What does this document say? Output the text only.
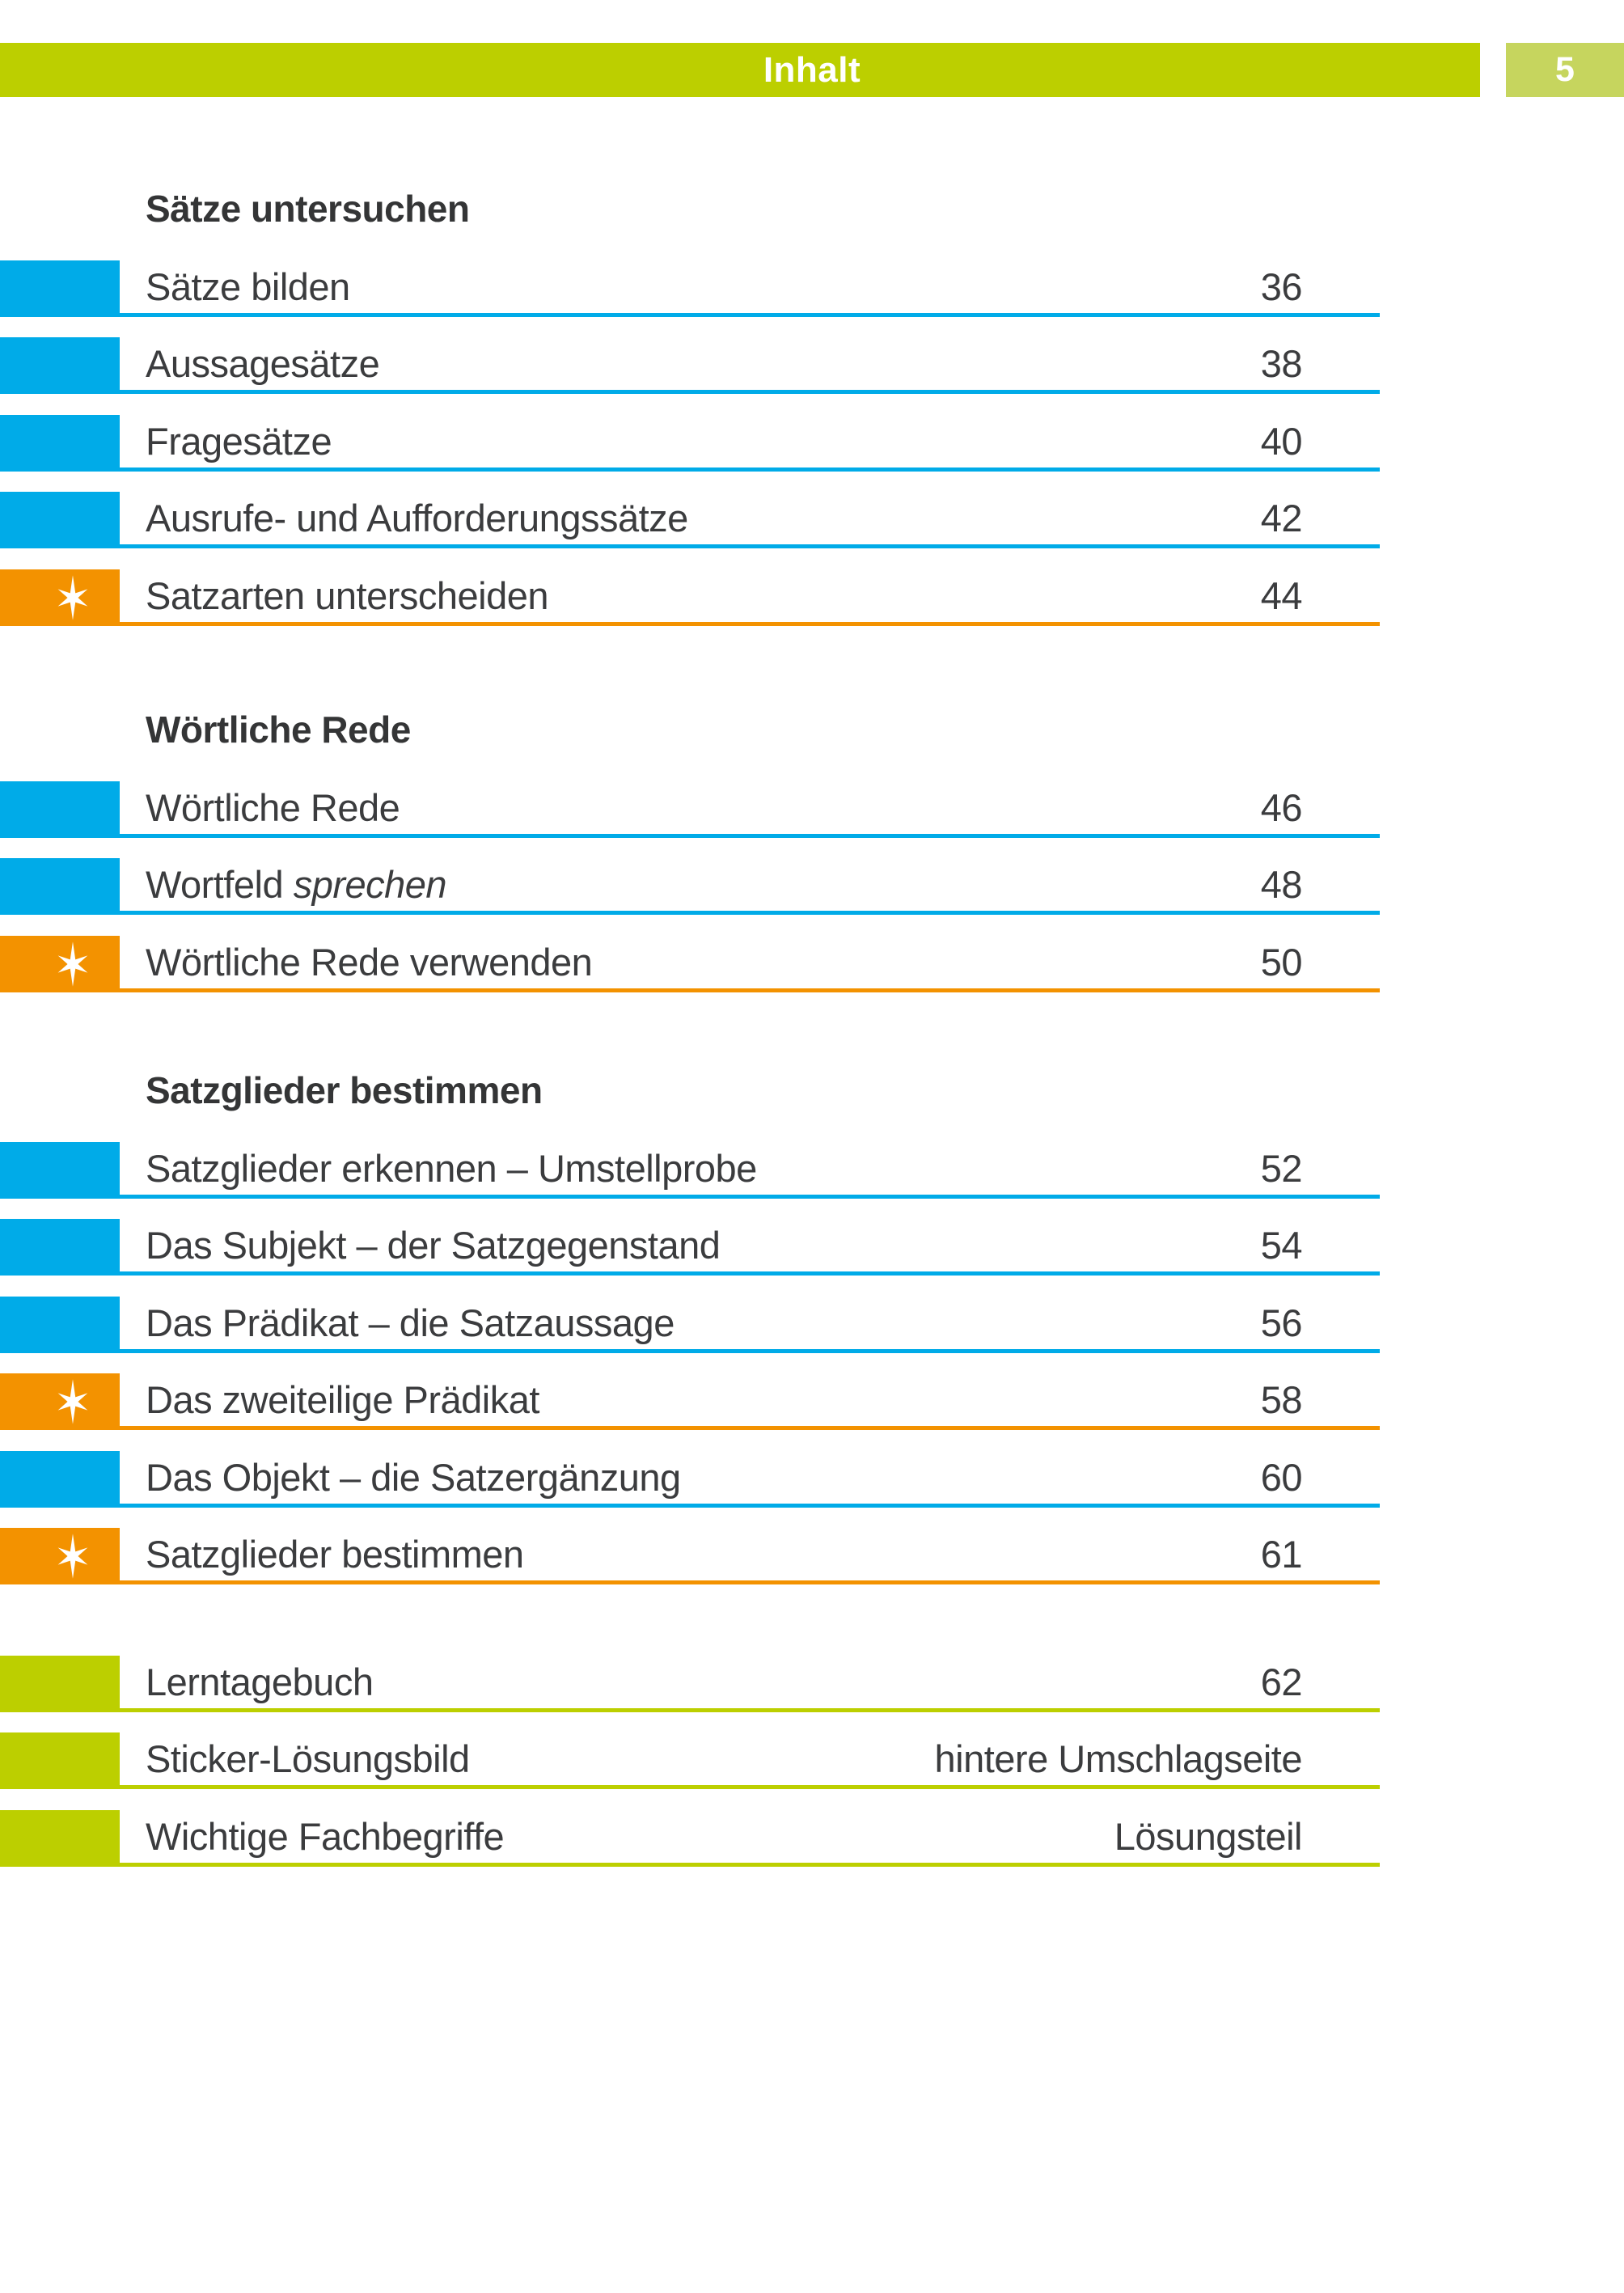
Inhalt	5
Sätze untersuchen
Sätze bilden	36
Aussagesätze	38
Fragesätze	40
Ausrufe- und Aufforderungssätze	42
Satzarten unterscheiden	44
Wörtliche Rede
Wörtliche Rede	46
Wortfeld sprechen	48
Wörtliche Rede verwenden	50
Satzglieder bestimmen
Satzglieder erkennen – Umstellprobe	52
Das Subjekt – der Satzgegenstand	54
Das Prädikat – die Satzaussage	56
Das zweiteilige Prädikat	58
Das Objekt – die Satzergänzung	60
Satzglieder bestimmen	61
Lerntagebuch	62
Sticker-Lösungsbild	hintere Umschlagseite
Wichtige Fachbegriffe	Lösungsteil
